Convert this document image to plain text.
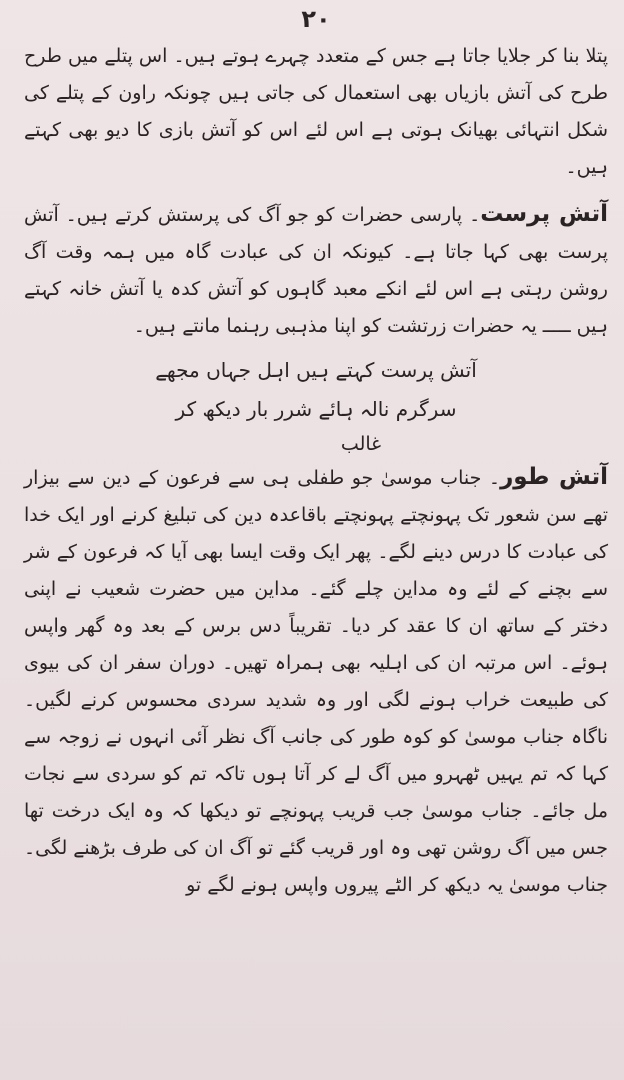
۲۰

پتلا بنا کر جلایا جاتا ہے جس کے متعدد چہرے ہوتے ہیں۔ اس پتلے میں طرح طرح کی آتش بازیاں بھی استعمال کی جاتی ہیں چونکہ راون کے پتلے کی شکل انتہائی بھیانک ہوتی ہے اس لئے اس کو آتش بازی کا دیو بھی کہتے ہیں۔

آتش پرست۔ پارسی حضرات کو جو آگ کی پرستش کرتے ہیں۔ آتش پرست بھی کہا جاتا ہے۔ کیونکہ ان کی عبادت گاہ میں ہمہ وقت آگ روشن رہتی ہے اس لئے انکے معبد گاہوں کو آتش کدہ یا آتش خانہ کہتے ہیں ـــــ یہ حضرات زرتشت کو اپنا مذہبی رہنما مانتے ہیں۔

آتش پرست کہتے ہیں اہل جہاں مجھے
سرگرم نالہ ہائے شرر بار دیکھ کر
غالب

آتش طور۔ جناب موسیٰ جو طفلی ہی سے فرعون کے دین سے بیزار تھے سن شعور تک پہونچتے پہونچتے باقاعدہ دین کی تبلیغ کرنے اور ایک خدا کی عبادت کا درس دینے لگے۔ پھر ایک وقت ایسا بھی آیا کہ فرعون کے شر سے بچنے کے لئے وہ مداین چلے گئے۔ مداین میں حضرت شعیب نے اپنی دختر کے ساتھ ان کا عقد کر دیا۔ تقریباً دس برس کے بعد وہ گھر واپس ہوئے۔ اس مرتبہ ان کی اہلیہ بھی ہمراہ تھیں۔ دوران سفر ان کی بیوی کی طبیعت خراب ہونے لگی اور وہ شدید سردی محسوس کرنے لگیں۔ ناگاہ جناب موسیٰ کو کوہ طور کی جانب آگ نظر آئی انہوں نے زوجہ سے کہا کہ تم یہیں ٹھہرو میں آگ لے کر آتا ہوں تاکہ تم کو سردی سے نجات مل جائے۔ جناب موسیٰ جب قریب پہونچے تو دیکھا کہ وہ ایک درخت تھا جس میں آگ روشن تھی وہ اور قریب گئے تو آگ ان کی طرف بڑھنے لگی۔ جناب موسیٰ یہ دیکھ کر الٹے پیروں واپس ہونے لگے تو
